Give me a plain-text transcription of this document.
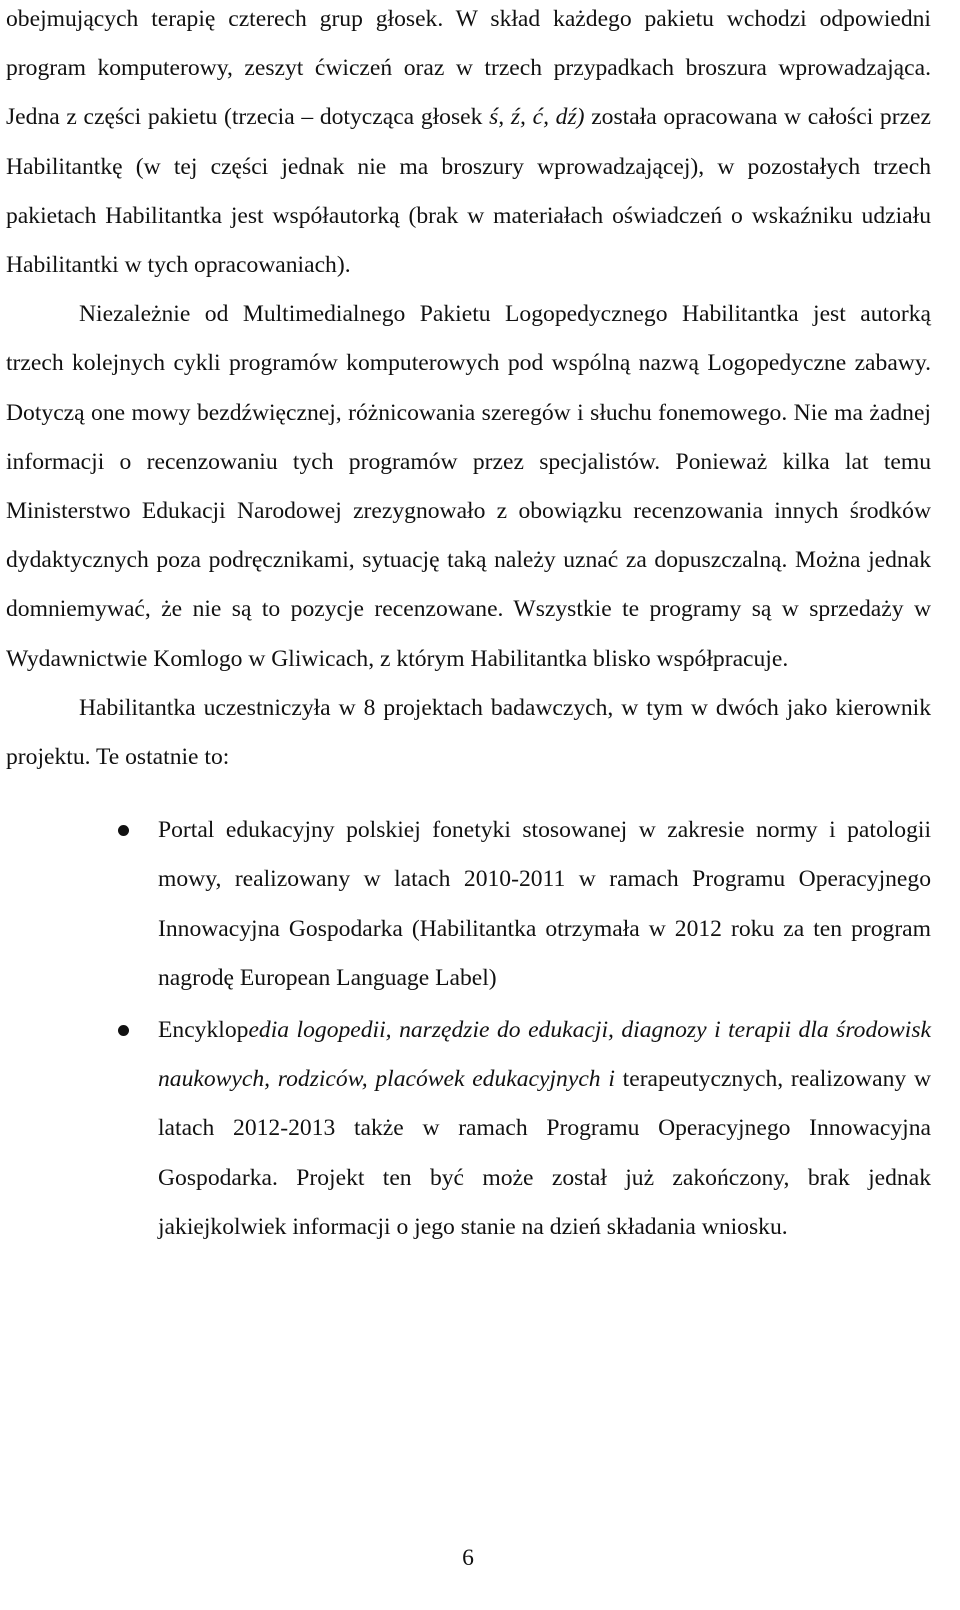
obejmujących terapię czterech grup głosek. W skład każdego pakietu wchodzi odpowiedni program komputerowy, zeszyt ćwiczeń oraz w trzech przypadkach broszura wprowadzająca. Jedna z części pakietu (trzecia – dotycząca głosek ś, ź, ć, dź) została opracowana w całości przez Habilitantkę (w tej części jednak nie ma broszury wprowadzającej), w pozostałych trzech pakietach Habilitantka jest współautorką (brak w materiałach oświadczeń o wskaźniku udziału Habilitantki w tych opracowaniach).

Niezależnie od Multimedialnego Pakietu Logopedycznego Habilitantka jest autorką trzech kolejnych cykli programów komputerowych pod wspólną nazwą Logopedyczne zabawy. Dotyczą one mowy bezdźwięcznej, różnicowania szeregów i słuchu fonemowego. Nie ma żadnej informacji o recenzowaniu tych programów przez specjalistów. Ponieważ kilka lat temu Ministerstwo Edukacji Narodowej zrezygnowało z obowiązku recenzowania innych środków dydaktycznych poza podręcznikami, sytuację taką należy uznać za dopuszczalną. Można jednak domniemywać, że nie są to pozycje recenzowane. Wszystkie te programy są w sprzedaży w Wydawnictwie Komlogo w Gliwicach, z którym Habilitantka blisko współpracuje.

Habilitantka uczestniczyła w 8 projektach badawczych, w tym w dwóch jako kierownik projektu. Te ostatnie to:

Portal edukacyjny polskiej fonetyki stosowanej w zakresie normy i patologii mowy, realizowany w latach 2010-2011 w ramach Programu Operacyjnego Innowacyjna Gospodarka (Habilitantka otrzymała w 2012 roku za ten program nagrodę European Language Label)
Encyklopedia logopedii, narzędzie do edukacji, diagnozy i terapii dla środowisk naukowych, rodziców, placówek edukacyjnych i terapeutycznych, realizowany w latach 2012-2013 także w ramach Programu Operacyjnego Innowacyjna Gospodarka. Projekt ten być może został już zakończony, brak jednak jakiejkolwiek informacji o jego stanie na dzień składania wniosku.
6
